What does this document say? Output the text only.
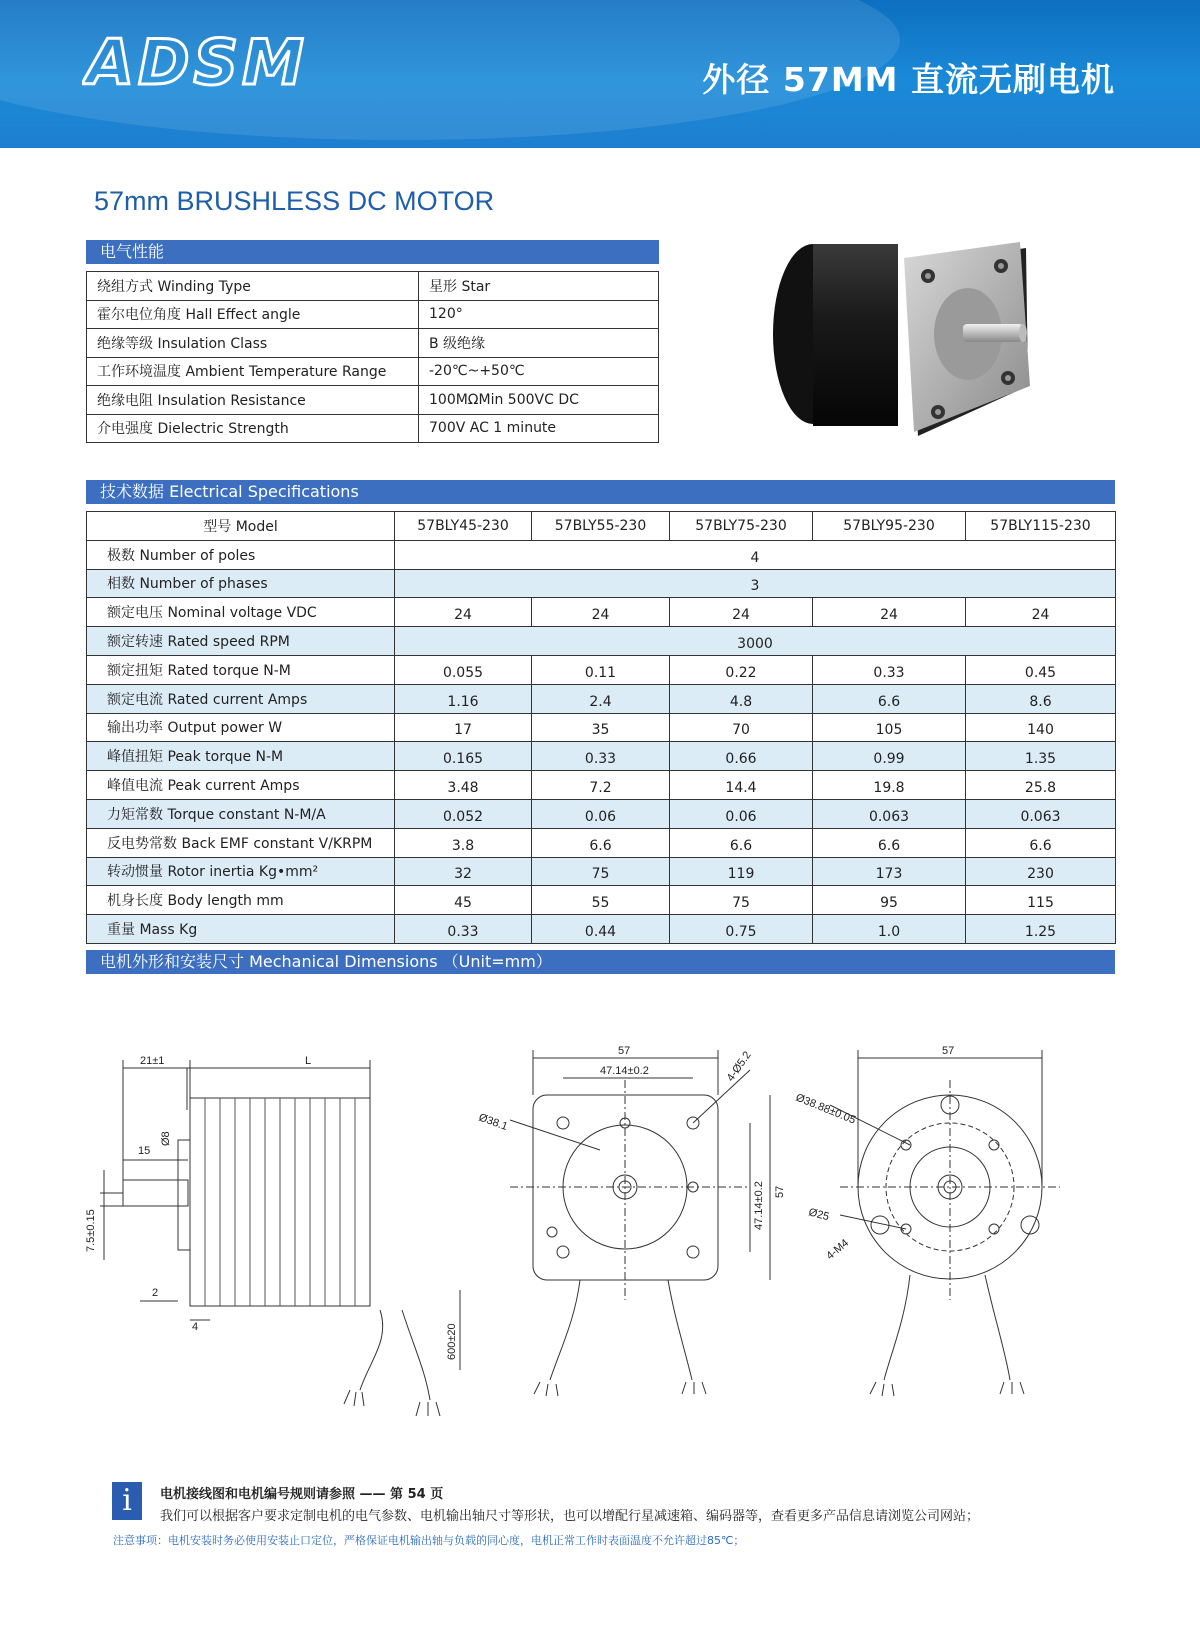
ADSM	外径 57MM 直流无刷电机
57mm BRUSHLESS DC MOTOR
电气性能
绕组方式 Winding Type	星形 Star
霍尔电位角度 Hall Effect angle	120°
绝缘等级 Insulation Class	B 级绝缘
工作环境温度 Ambient Temperature Range	-20℃~+50℃
绝缘电阻 Insulation Resistance	100MΩMin 500VC DC
介电强度 Dielectric Strength	700V AC 1 minute
技术数据 Electrical Specifications
型号 Model	57BLY45-230	57BLY55-230	57BLY75-230	57BLY95-230	57BLY115-230
极数 Number of poles	4				
相数 Number of phases	3				
额定电压 Nominal voltage VDC	24	24	24	24	24
额定转速 Rated speed RPM	3000				
额定扭矩 Rated torque N-M	0.055	0.11	0.22	0.33	0.45
额定电流 Rated current Amps	1.16	2.4	4.8	6.6	8.6
输出功率 Output power W	17	35	70	105	140
峰值扭矩 Peak torque N-M	0.165	0.33	0.66	0.99	1.35
峰值电流 Peak current Amps	3.48	7.2	14.4	19.8	25.8
力矩常数 Torque constant N-M/A	0.052	0.06	0.06	0.063	0.063
反电势常数 Back EMF constant V/KRPM	3.8	6.6	6.6	6.6	6.6
转动惯量 Rotor inertia Kg•mm²	32	75	119	173	230
机身长度 Body length mm	45	55	75	95	115
重量 Mass Kg	0.33	0.44	0.75	1.0	1.25
电机外形和安装尺寸 Mechanical Dimensions （Unit=mm）
21±1	L
Ø8
15
7.5±0.15
2
4	600±20
57
47.14±0.2	4-Ø5.2
Ø38.1
47.14±0.2 57
57
Ø38.88±0.05
Ø25
4-M4
i	电机接线图和电机编号规则请参照 —— 第 54 页
我们可以根据客户要求定制电机的电气参数、电机输出轴尺寸等形状，也可以增配行星减速箱、编码器等，查看更多产品信息请浏览公司网站；
注意事项：电机安装时务必使用安装止口定位，严格保证电机输出轴与负载的同心度，电机正常工作时表面温度不允许超过85℃；
